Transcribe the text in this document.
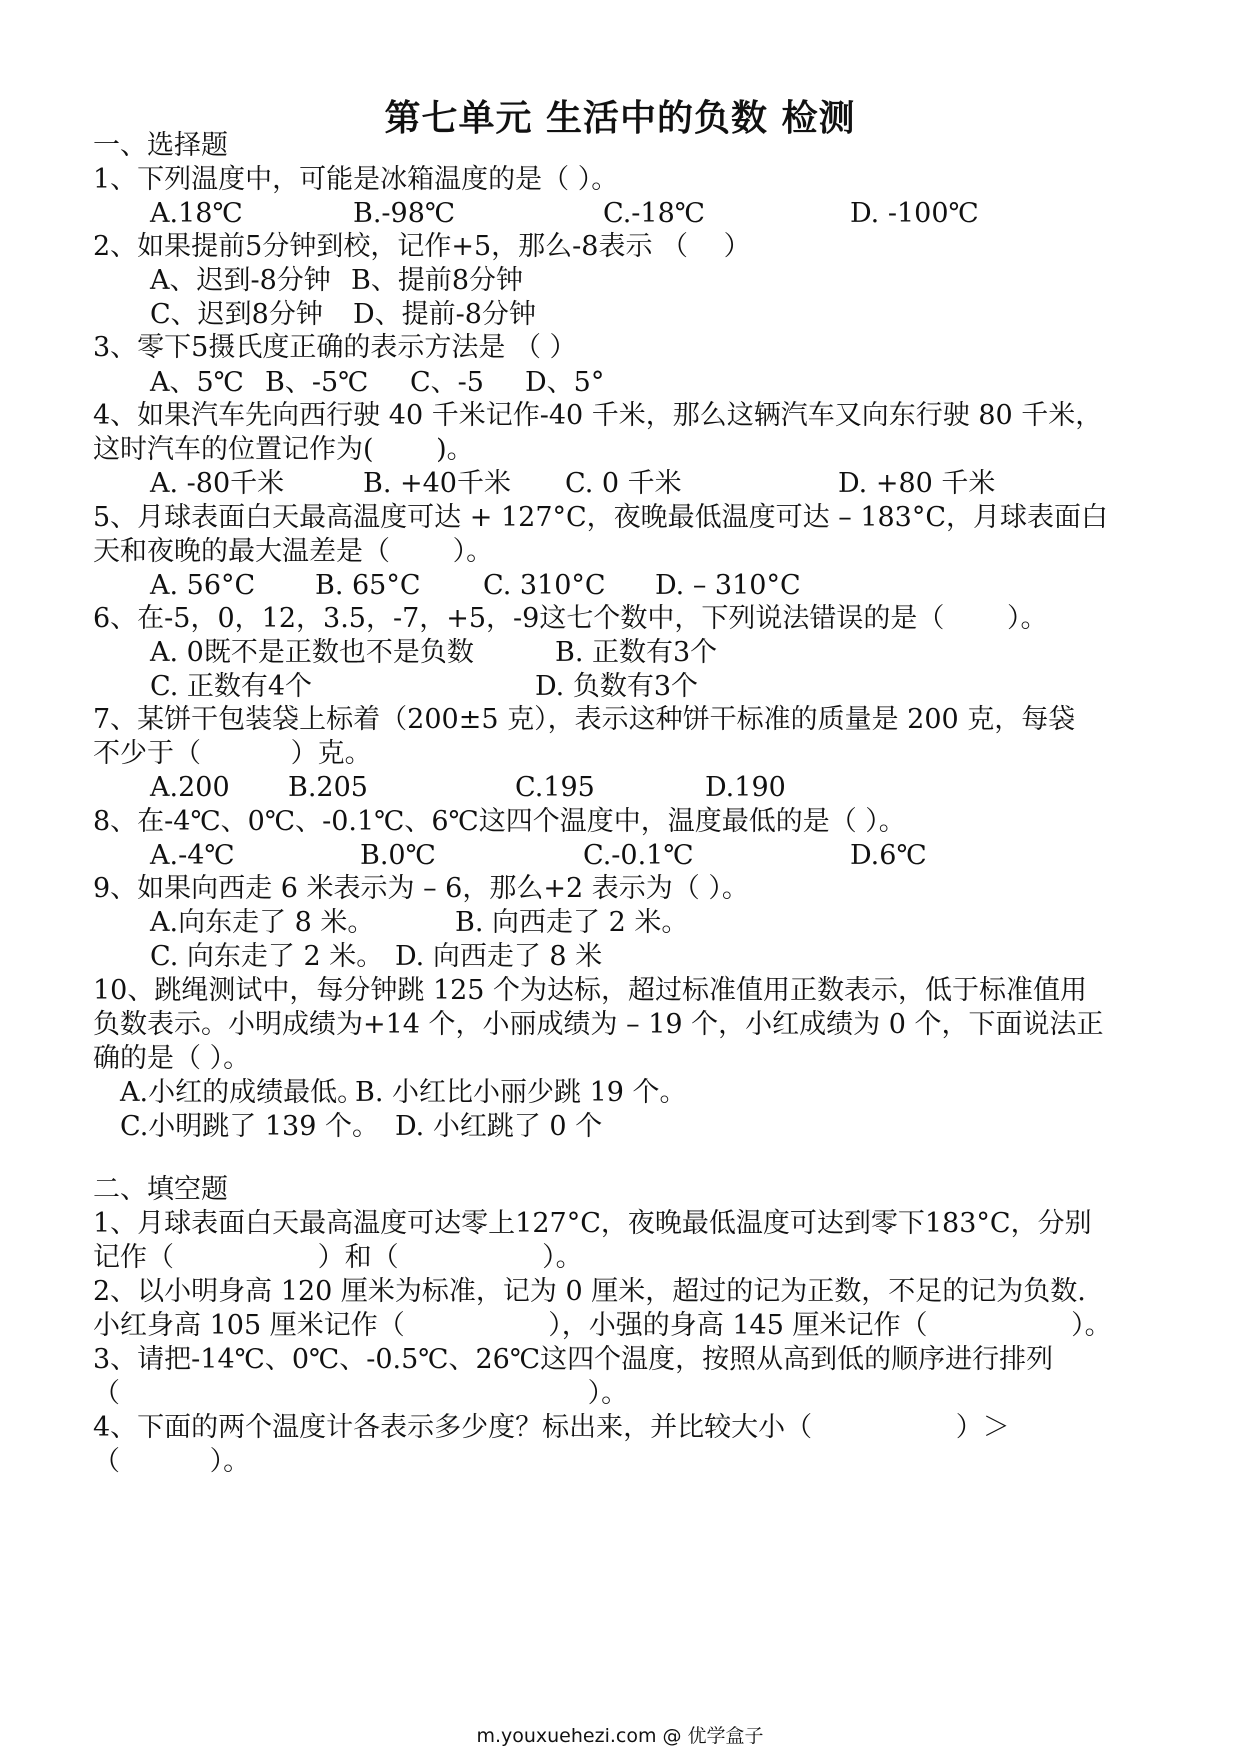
第七单元 生活中的负数 检测
一、选择题
1、下列温度中，可能是冰箱温度的是（ ）。
A.18℃	B.-98℃	C.-18℃	D. -100℃
2、如果提前5分钟到校，记作+5，那么-8表示 （　 ）
A、迟到-8分钟 B、提前8分钟
C、迟到8分钟 D、提前-8分钟
3、零下5摄氏度正确的表示方法是 （ ）
A、5℃ B、-5℃ C、-5 D、5°
4、如果汽车先向西行驶 40 千米记作-40 千米，那么这辆汽车又向东行驶 80 千米，
这时汽车的位置记作为(　　 )。
A. -80千米	B. +40千米 C. 0 千米	D. +80 千米
5、月球表面白天最高温度可达 + 127°C，夜晚最低温度可达 – 183°C，月球表面白
天和夜晚的最大温差是（　　 ）。
A. 56°C B. 65°C C. 310°C D. – 310°C
6、在-5，0，12，3.5，-7，+5，-9这七个数中，下列说法错误的是（　　 ）。
A. 0既不是正数也不是负数	B. 正数有3个
C. 正数有4个	D. 负数有3个
7、某饼干包装袋上标着（200±5 克），表示这种饼干标准的质量是 200 克，每袋
不少于（　　　 ）克。
A.200 B.205	C.195	D.190
8、在-4℃、0℃、-0.1℃、6℃这四个温度中，温度最低的是（ ）。
A.-4℃	B.0℃	C.-0.1℃	D.6℃
9、如果向西走 6 米表示为 – 6，那么+2 表示为（ ）。
A.向东走了 8 米。	B. 向西走了 2 米。
C. 向东走了 2 米。 D. 向西走了 8 米
10、跳绳测试中，每分钟跳 125 个为达标，超过标准值用正数表示，低于标准值用
负数表示。小明成绩为+14 个，小丽成绩为 – 19 个，小红成绩为 0 个，下面说法正
确的是（ ）。
A.小红的成绩最低。
B. 小红比小丽少跳 19 个。
C.小明跳了 139 个。 D. 小红跳了 0 个
二、填空题
1、月球表面白天最高温度可达零上127°C，夜晚最低温度可达到零下183°C，分别
记作（　　　　　 ）和（　　　　　 ）。
2、以小明身高 120 厘米为标准，记为 0 厘米，超过的记为正数，不足的记为负数.
小红身高 105 厘米记作（　　　　　 ），小强的身高 145 厘米记作（　　　　　 ）。
3、请把-14℃、0℃、-0.5℃、26℃这四个温度，按照从高到低的顺序进行排列
（　　　　　　　　　　　　　　　　　 ）。
4、下面的两个温度计各表示多少度？标出来，并比较大小（　　　　　 ）＞
（　　　 ）。
m.youxuehezi.com @ 优学盒子
